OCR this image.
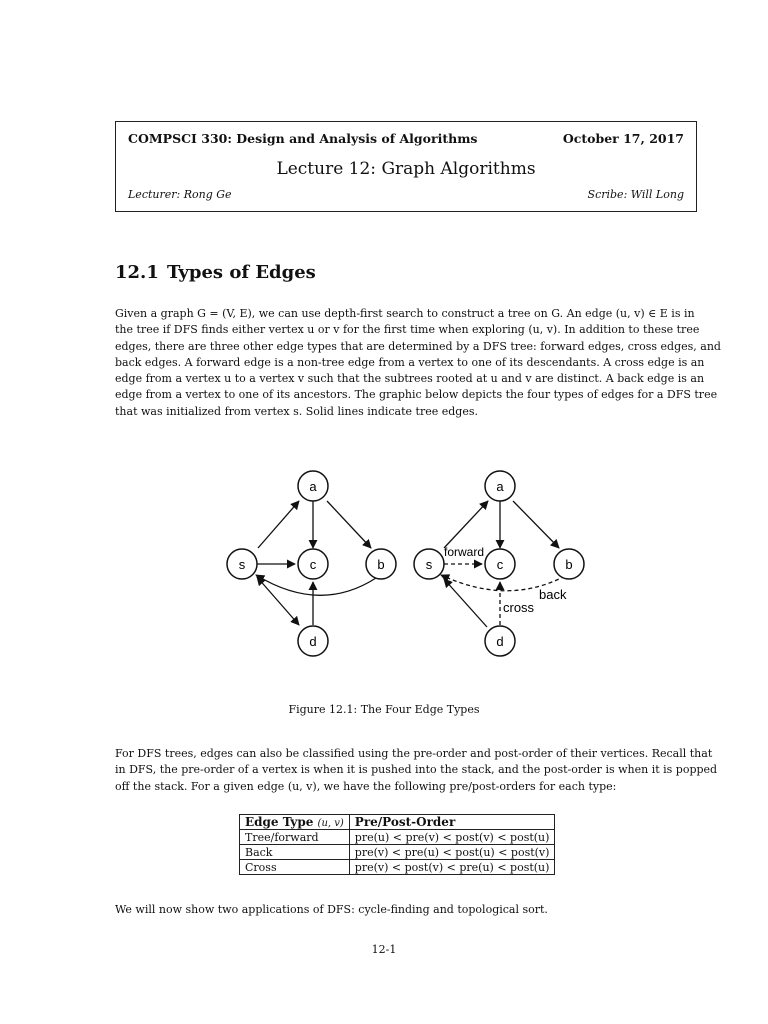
COMPSCI 330: Design and Analysis of Algorithms	October 17, 2017
Lecture 12: Graph Algorithms
Lecturer: Rong Ge	Scribe: Will Long
12.1 Types of Edges
Given a graph G = (V, E), we can use depth-first search to construct a tree on G. An edge (u, v) ∈ E is in
the tree if DFS finds either vertex u or v for the first time when exploring (u, v). In addition to these tree
edges, there are three other edge types that are determined by a DFS tree: forward edges, cross edges, and
back edges. A forward edge is a non-tree edge from a vertex to one of its descendants. A cross edge is an
edge from a vertex u to a vertex v such that the subtrees rooted at u and v are distinct. A back edge is an
edge from a vertex to one of its ancestors. The graphic below depicts the four types of edges for a DFS tree
that was initialized from vertex s. Solid lines indicate tree edges.
a
s	c	b
d
forward
back
cross
a
s	c	b
d
Figure 12.1: The Four Edge Types
For DFS trees, edges can also be classified using the pre-order and post-order of their vertices. Recall that
in DFS, the pre-order of a vertex is when it is pushed into the stack, and the post-order is when it is popped
off the stack. For a given edge (u, v), we have the following pre/post-orders for each type:
Edge Type (u, v)	Pre/Post-Order
Tree/forward	pre(u) < pre(v) < post(v) < post(u)
Back	pre(v) < pre(u) < post(u) < post(v)
Cross	pre(v) < post(v) < pre(u) < post(u)
We will now show two applications of DFS: cycle-finding and topological sort.
12-1
